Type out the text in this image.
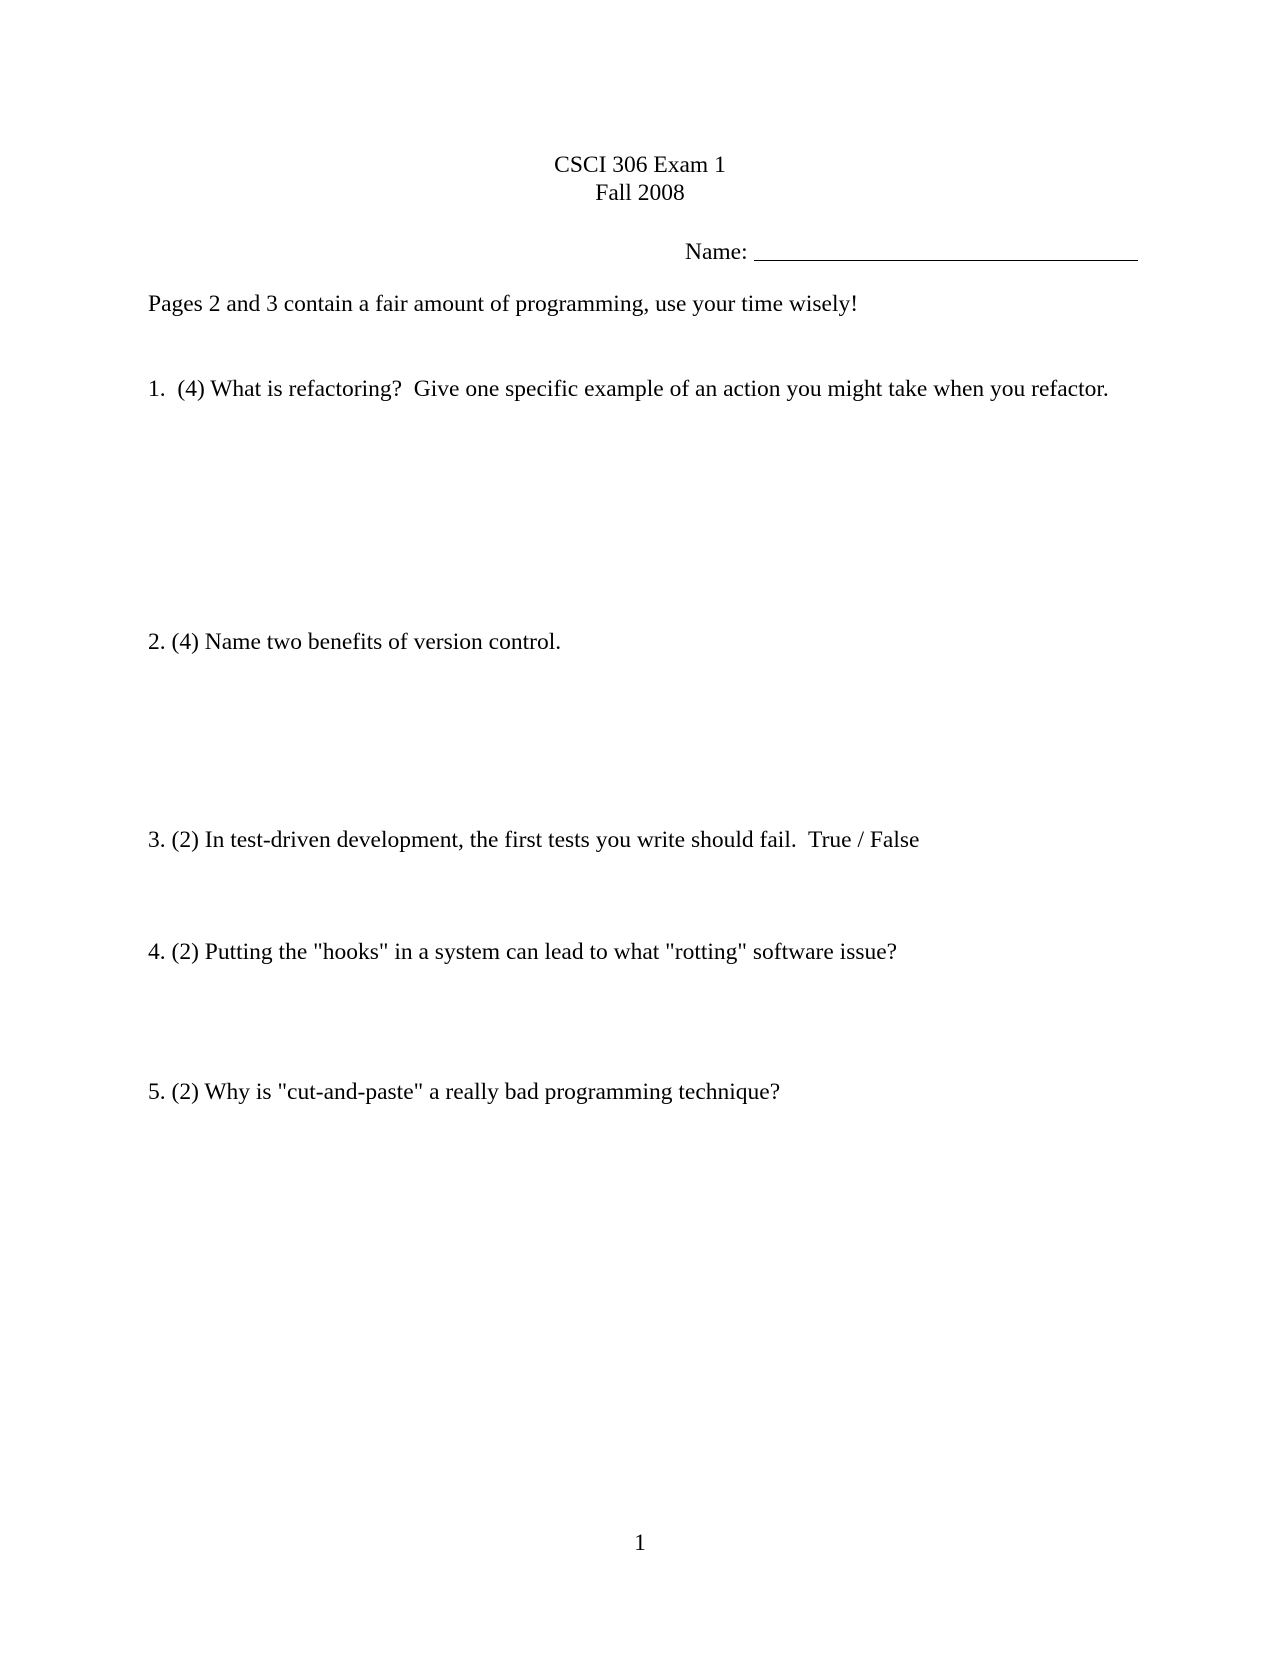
CSCI 306 Exam 1
Fall 2008
Name:
Pages 2 and 3 contain a fair amount of programming, use your time wisely!
1.  (4) What is refactoring?  Give one specific example of an action you might take when you refactor.
2. (4) Name two benefits of version control.
3. (2) In test-driven development, the first tests you write should fail.  True / False
4. (2) Putting the "hooks" in a system can lead to what "rotting" software issue?
5. (2) Why is "cut-and-paste" a really bad programming technique?
1
